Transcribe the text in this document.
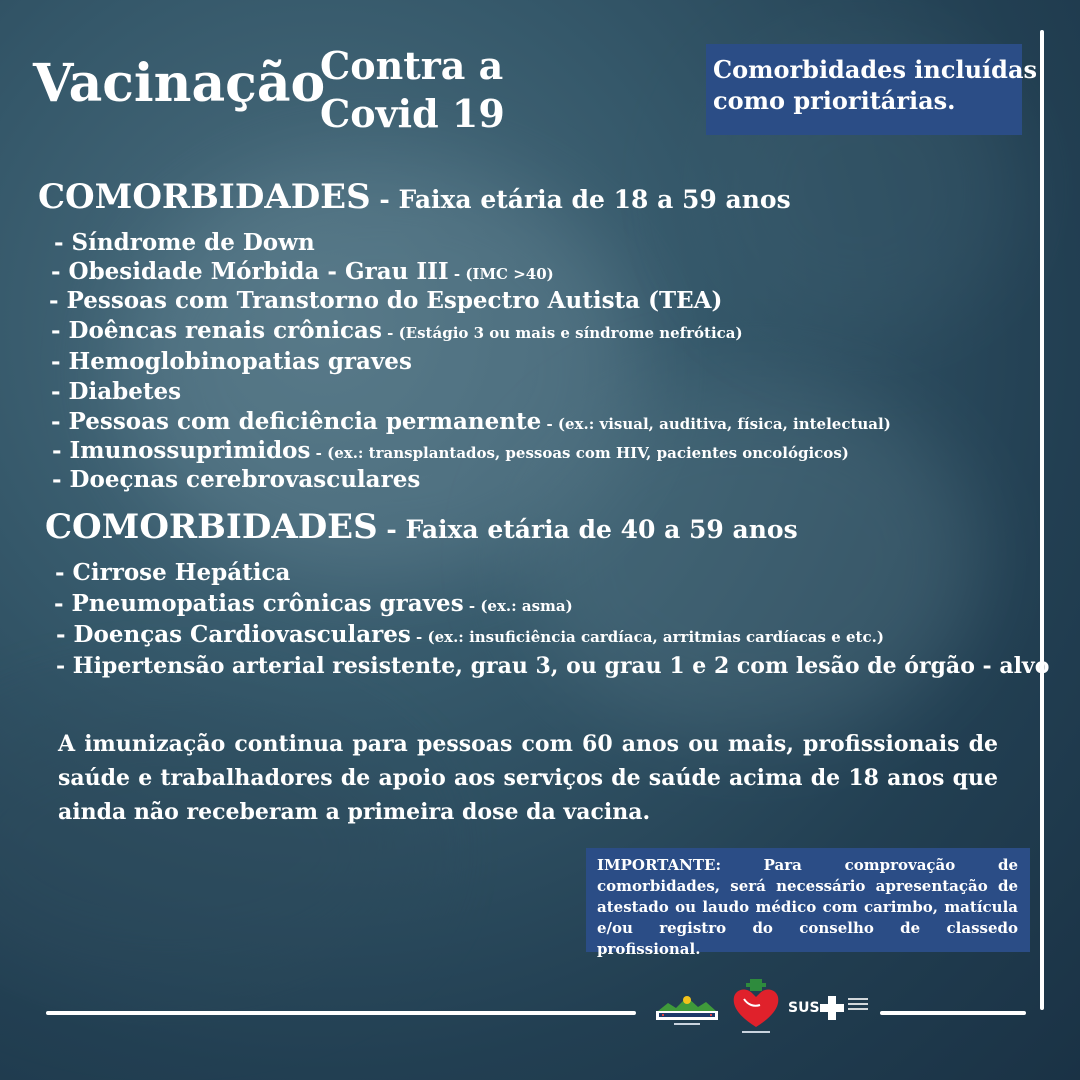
Vacinação
Contra a
Covid 19
Comorbidades incluídas
como prioritárias.
COMORBIDADES - Faixa etária de 18 a 59 anos
- Síndrome de Down
- Obesidade Mórbida - Grau III - (IMC >40)
- Pessoas com Transtorno do Espectro Autista (TEA)
- Doêncas renais crônicas - (Estágio 3 ou mais e síndrome nefrótica)
- Hemoglobinopatias graves
- Diabetes
- Pessoas com deficiência permanente - (ex.: visual, auditiva, física, intelectual)
- Imunossuprimidos - (ex.: transplantados, pessoas com HIV, pacientes oncológicos)
- Doeçnas cerebrovasculares
COMORBIDADES - Faixa etária de 40 a 59 anos
- Cirrose Hepática
- Pneumopatias crônicas graves - (ex.: asma)
- Doenças Cardiovasculares - (ex.: insuficiência cardíaca, arritmias cardíacas e etc.)
- Hipertensão arterial resistente, grau 3, ou grau 1 e 2 com lesão de órgão - alvo
A imunização continua para pessoas com 60 anos ou mais, profissionais de saúde e trabalhadores de apoio aos serviços de saúde acima de 18 anos que ainda não receberam a primeira dose da vacina.
IMPORTANTE: Para comprovação de comorbidades, será necessário apresentação de atestado ou laudo médico com carimbo, matícula e/ou registro do conselho de classedo profissional.
SUS
